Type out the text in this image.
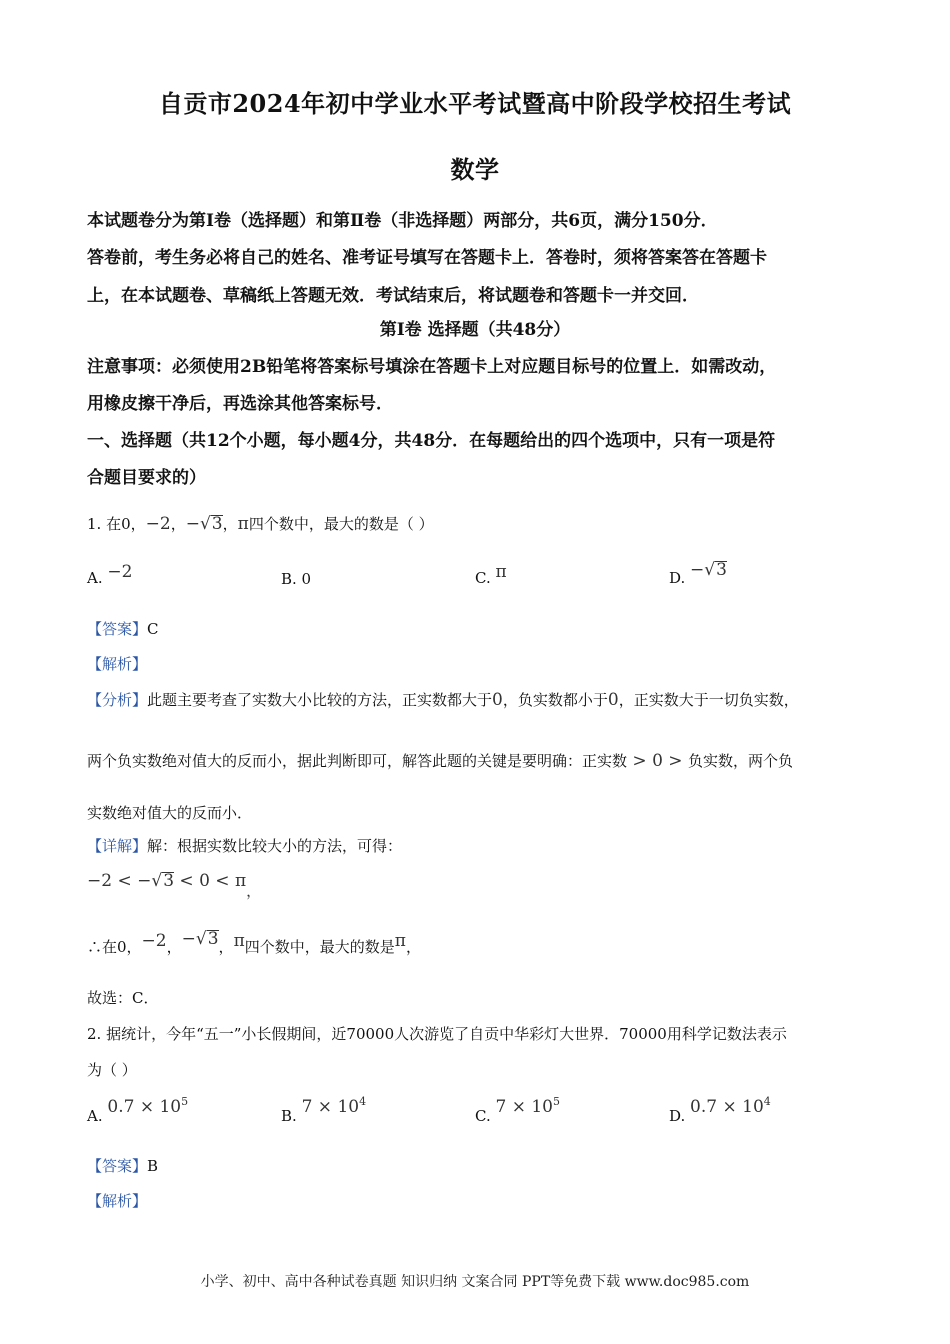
自贡市2024年初中学业水平考试暨高中阶段学校招生考试
数学
本试题卷分为第Ⅰ卷（选择题）和第Ⅱ卷（非选择题）两部分，共6页，满分150分．
答卷前，考生务必将自己的姓名、准考证号填写在答题卡上．答卷时，须将答案答在答题卡
上，在本试题卷、草稿纸上答题无效．考试结束后，将试题卷和答题卡一并交回．
第Ⅰ卷 选择题（共48分）
注意事项：必须使用2B铅笔将答案标号填涂在答题卡上对应题目标号的位置上．如需改动，
用橡皮擦干净后，再选涂其他答案标号．
一、选择题（共12个小题，每小题4分，共48分．在每题给出的四个选项中，只有一项是符
合题目要求的）
1. 在0，−2，−√3，π四个数中，最大的数是（ ）
A. −2	B. 0	C. π	D. −√3
【答案】C
【解析】
【分析】此题主要考查了实数大小比较的方法，正实数都大于0，负实数都小于0，正实数大于一切负实数，
两个负实数绝对值大的反而小，据此判断即可，解答此题的关键是要明确：正实数 > 0 > 负实数，两个负
实数绝对值大的反而小．
【详解】解：根据实数比较大小的方法，可得：
−2 < −√3 < 0 < π，
∴在0，−2，−√3，π四个数中，最大的数是π，
故选：C．
2. 据统计，今年“五一”小长假期间，近70000人次游览了自贡中华彩灯大世界．70000用科学记数法表示
为（ ）
A. $0.7 \times 10^5$
B. $7 \times 10^4$
C. $7 \times 10^5$
D. $0.7 \times 10^4$
【答案】B
【解析】
小学、初中、高中各种试卷真题 知识归纳 文案合同 PPT等免费下载 www.doc985.com
